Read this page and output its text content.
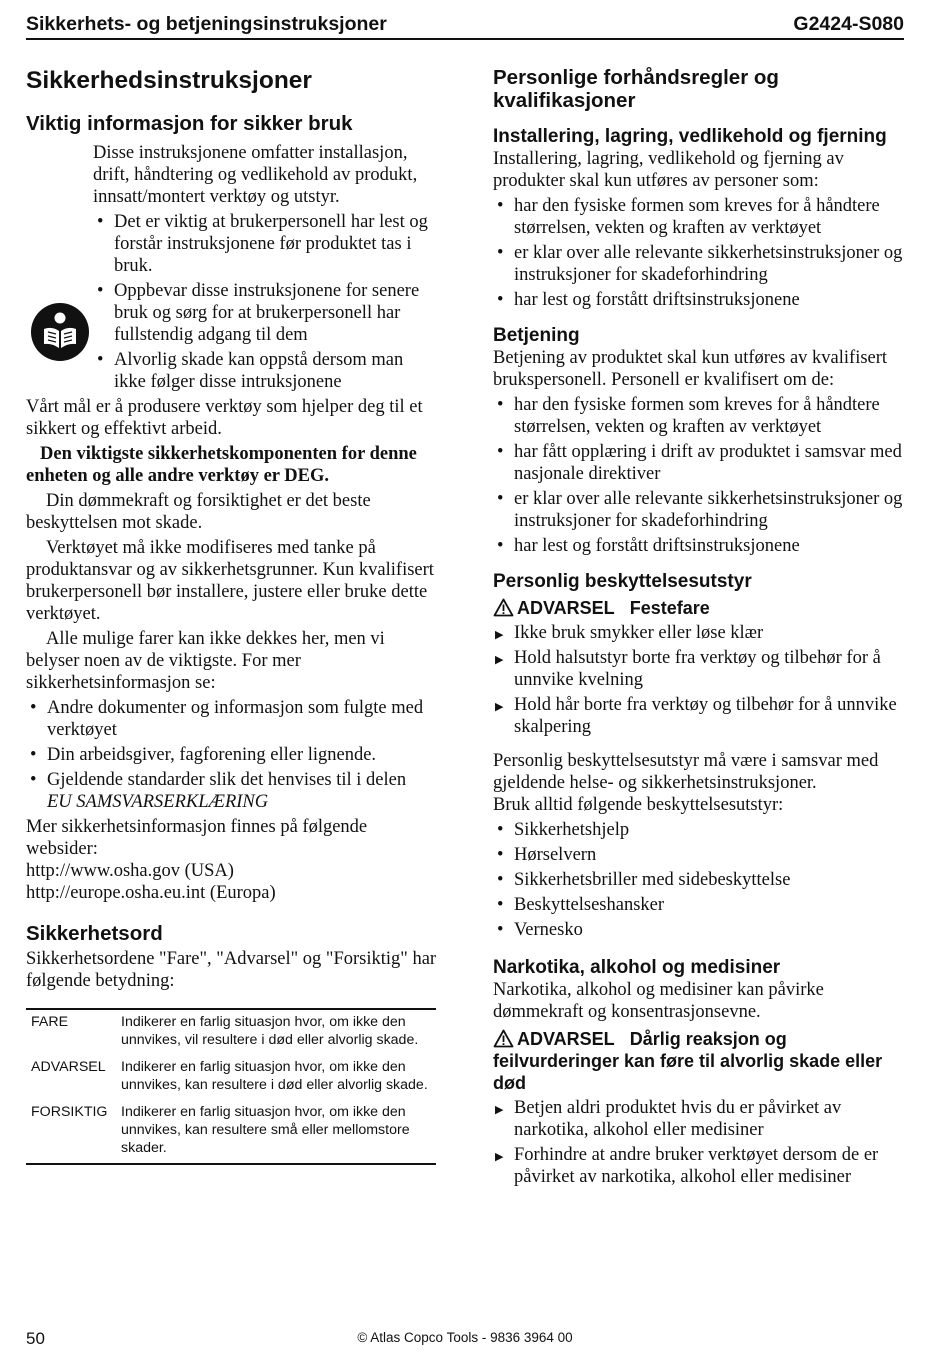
Sikkerhets- og betjeningsinstruksjoner	G2424-S080
Sikkerhedsinstruksjoner
Viktig informasjon for sikker bruk

Disse instruksjonene omfatter installasjon, drift, håndtering og vedlikehold av produkt, innsatt/montert verktøy og utstyr.

• Det er viktig at brukerpersonell har lest og forstår instruksjonene før produktet tas i bruk.
• Oppbevar disse instruksjonene for senere bruk og sørg for at brukerpersonell har fullstendig adgang til dem
• Alvorlig skade kan oppstå dersom man ikke følger disse intruksjonene

Vårt mål er å produsere verktøy som hjelper deg til et sikkert og effektivt arbeid.

Den viktigste sikkerhetskomponenten for denne enheten og alle andre verktøy er DEG.

Din dømmekraft og forsiktighet er det beste beskyttelsen mot skade.

Verktøyet må ikke modifiseres med tanke på produktansvar og av sikkerhetsgrunner. Kun kvalifisert brukerpersonell bør installere, justere eller bruke dette verktøyet.

Alle mulige farer kan ikke dekkes her, men vi belyser noen av de viktigste. For mer sikkerhetsinformasjon se:

• Andre dokumenter og informasjon som fulgte med verktøyet
• Din arbeidsgiver, fagforening eller lignende.
• Gjeldende standarder slik det henvises til i delen
EU SAMSVARSERKLÆRING

Mer sikkerhetsinformasjon finnes på følgende websider:

http://www.osha.gov (USA)

http://europe.osha.eu.int (Europa)

Sikkerhetsord

Sikkerhetsordene "Fare", "Advarsel" og "Forsiktig" har følgende betydning:

FARE	Indikerer en farlig situasjon hvor, om ikke den unnvikes, vil resultere i død eller alvorlig skade.
ADVARSEL	Indikerer en farlig situasjon hvor, om ikke den unnvikes, kan resultere i død eller alvorlig skade.
FORSIKTIG	Indikerer en farlig situasjon hvor, om ikke den unnvikes, kan resultere små eller mellomstore skader.
Personlige forhåndsregler og kvalifikasjoner
Installering, lagring, vedlikehold og fjerning

Installering, lagring, vedlikehold og fjerning av produkter skal kun utføres av personer som:

• har den fysiske formen som kreves for å håndtere størrelsen, vekten og kraften av verktøyet
• er klar over alle relevante sikkerhetsinstruksjoner og instruksjoner for skadeforhindring
• har lest og forstått driftsinstruksjonene
Betjening

Betjening av produktet skal kun utføres av kvalifisert brukspersonell. Personell er kvalifisert om de:

• har den fysiske formen som kreves for å håndtere størrelsen, vekten og kraften av verktøyet
• har fått opplæring i drift av produktet i samsvar med nasjonale direktiver
• er klar over alle relevante sikkerhetsinstruksjoner og instruksjoner for skadeforhindring
• har lest og forstått driftsinstruksjonene
Personlig beskyttelsesutstyr
ADVARSEL Festefare
▶ Ikke bruk smykker eller løse klær
▶ Hold halsutstyr borte fra verktøy og tilbehør for å unnvike kvelning
▶ Hold hår borte fra verktøy og tilbehør for å unnvike skalpering

Personlig beskyttelsesutstyr må være i samsvar med gjeldende helse- og sikkerhetsinstruksjoner.

Bruk alltid følgende beskyttelsesutstyr:

• Sikkerhetshjelp
• Hørselvern
• Sikkerhetsbriller med sidebeskyttelse
• Beskyttelseshansker
• Vernesko
Narkotika, alkohol og medisiner

Narkotika, alkohol og medisiner kan påvirke dømmekraft og konsentrasjonsevne.

ADVARSEL Dårlig reaksjon og feilvurderinger kan føre til alvorlig skade eller død
▶ Betjen aldri produktet hvis du er påvirket av narkotika, alkohol eller medisiner
▶ Forhindre at andre bruker verktøyet dersom de er påvirket av narkotika, alkohol eller medisiner
50	© Atlas Copco Tools - 9836 3964 00
